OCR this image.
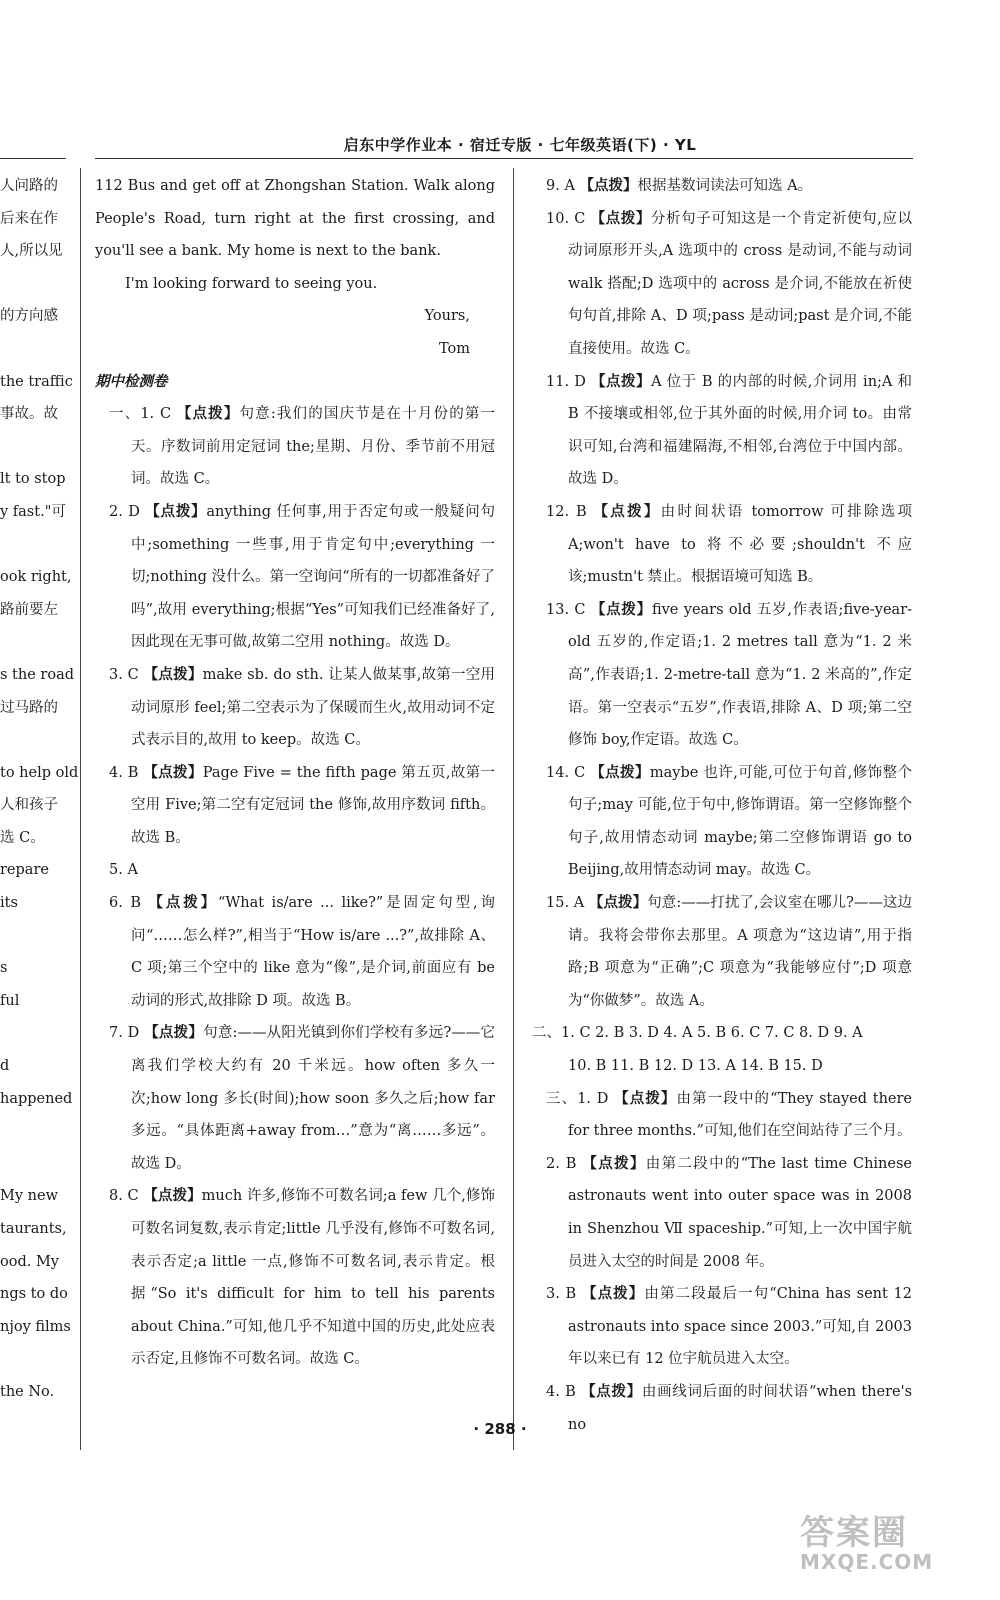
启东中学作业本 · 宿迁专版 · 七年级英语(下) · YL

人问路的

后来在作

人,所以见

的方向感

the traffic

事故。故

lt to stop

y fast."可

ook right,

路前要左

s the road

过马路的

to help old

人和孩子

选 C。

repare

its

s

ful

d

happened

My new

taurants,

ood. My

ngs to do

njoy films

the No.

112 Bus and get off at Zhongshan Station. Walk along People's Road, turn right at the first crossing, and you'll see a bank. My home is next to the bank.

I'm looking forward to seeing you.

Yours,

Tom

期中检测卷

一、1. C 【点拨】句意:我们的国庆节是在十月份的第一天。序数词前用定冠词 the;星期、月份、季节前不用冠词。故选 C。

2. D 【点拨】anything 任何事,用于否定句或一般疑问句中;something 一些事,用于肯定句中;everything 一切;nothing 没什么。第一空询问“所有的一切都准备好了吗”,故用 everything;根据“Yes”可知我们已经准备好了,因此现在无事可做,故第二空用 nothing。故选 D。

3. C 【点拨】make sb. do sth. 让某人做某事,故第一空用动词原形 feel;第二空表示为了保暖而生火,故用动词不定式表示目的,故用 to keep。故选 C。

4. B 【点拨】Page Five = the fifth page 第五页,故第一空用 Five;第二空有定冠词 the 修饰,故用序数词 fifth。故选 B。

5. A

6. B 【点拨】“What is/are ... like?”是固定句型,询问“……怎么样?”,相当于“How is/are ...?”,故排除 A、C 项;第三个空中的 like 意为“像”,是介词,前面应有 be 动词的形式,故排除 D 项。故选 B。

7. D 【点拨】句意:——从阳光镇到你们学校有多远?——它离我们学校大约有 20 千米远。how often 多久一次;how long 多长(时间);how soon 多久之后;how far 多远。“具体距离+away from…”意为“离……多远”。故选 D。

8. C 【点拨】much 许多,修饰不可数名词;a few 几个,修饰可数名词复数,表示肯定;little 几乎没有,修饰不可数名词,表示否定;a little 一点,修饰不可数名词,表示肯定。根据“So it's difficult for him to tell his parents about China.”可知,他几乎不知道中国的历史,此处应表示否定,且修饰不可数名词。故选 C。

9. A 【点拨】根据基数词读法可知选 A。

10. C 【点拨】分析句子可知这是一个肯定祈使句,应以动词原形开头,A 选项中的 cross 是动词,不能与动词 walk 搭配;D 选项中的 across 是介词,不能放在祈使句句首,排除 A、D 项;pass 是动词;past 是介词,不能直接使用。故选 C。

11. D 【点拨】A 位于 B 的内部的时候,介词用 in;A 和 B 不接壤或相邻,位于其外面的时候,用介词 to。由常识可知,台湾和福建隔海,不相邻,台湾位于中国内部。故选 D。

12. B 【点拨】由时间状语 tomorrow 可排除选项 A;won't have to 将不必要;shouldn't 不应该;mustn't 禁止。根据语境可知选 B。

13. C 【点拨】five years old 五岁,作表语;five-year-old 五岁的,作定语;1. 2 metres tall 意为“1. 2 米高”,作表语;1. 2-metre-tall 意为“1. 2 米高的”,作定语。第一空表示“五岁”,作表语,排除 A、D 项;第二空修饰 boy,作定语。故选 C。

14. C 【点拨】maybe 也许,可能,可位于句首,修饰整个句子;may 可能,位于句中,修饰谓语。第一空修饰整个句子,故用情态动词 maybe;第二空修饰谓语 go to Beijing,故用情态动词 may。故选 C。

15. A 【点拨】句意:——打扰了,会议室在哪儿?——这边请。我将会带你去那里。A 项意为“这边请”,用于指路;B 项意为“正确”;C 项意为“我能够应付”;D 项意为“你做梦”。故选 A。

二、1. C 2. B 3. D 4. A 5. B 6. C 7. C 8. D 9. A

10. B 11. B 12. D 13. A 14. B 15. D

三、1. D 【点拨】由第一段中的“They stayed there for three months.”可知,他们在空间站待了三个月。

2. B 【点拨】由第二段中的“The last time Chinese astronauts went into outer space was in 2008 in Shenzhou Ⅶ spaceship.”可知,上一次中国宇航员进入太空的时间是 2008 年。

3. B 【点拨】由第二段最后一句“China has sent 12 astronauts into space since 2003.”可知,自 2003 年以来已有 12 位宇航员进入太空。

4. B 【点拨】由画线词后面的时间状语“when there's no

· 288 ·
答案圈
MXQE.COM
